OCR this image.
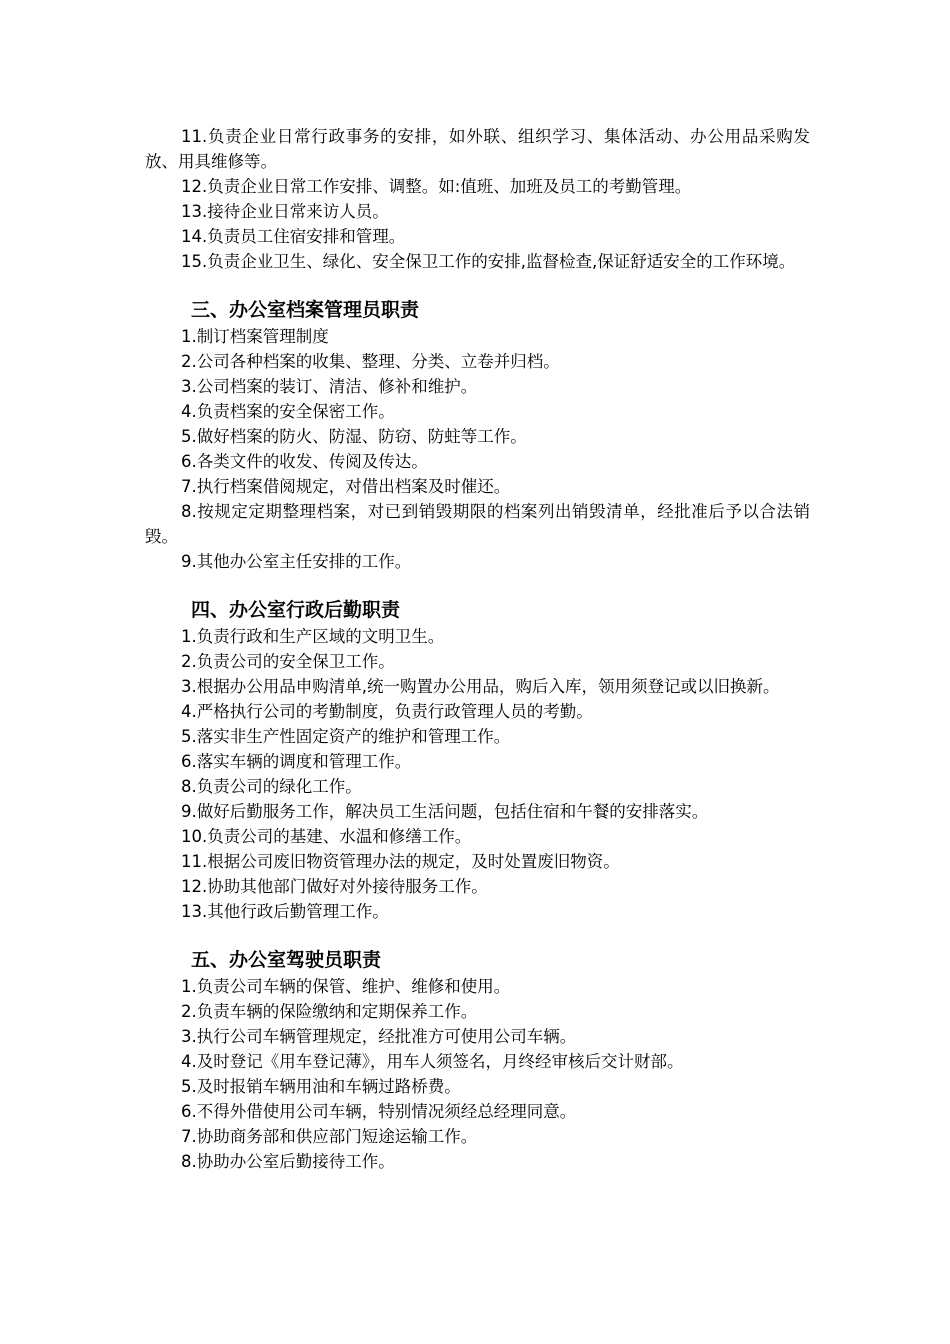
11.负责企业日常行政事务的安排，如外联、组织学习、集体活动、办公用品采购发放、用具维修等。

12.负责企业日常工作安排、调整。如:值班、加班及员工的考勤管理。

13.接待企业日常来访人员。

14.负责员工住宿安排和管理。

15.负责企业卫生、绿化、安全保卫工作的安排,监督检查,保证舒适安全的工作环境。

三、办公室档案管理员职责

1.制订档案管理制度

2.公司各种档案的收集、整理、分类、立卷并归档。

3.公司档案的装订、清洁、修补和维护。

4.负责档案的安全保密工作。

5.做好档案的防火、防湿、防窃、防蛀等工作。

6.各类文件的收发、传阅及传达。

7.执行档案借阅规定，对借出档案及时催还。

8.按规定定期整理档案，对已到销毁期限的档案列出销毁清单，经批准后予以合法销毁。

9.其他办公室主任安排的工作。

四、办公室行政后勤职责

1.负责行政和生产区域的文明卫生。

2.负责公司的安全保卫工作。

3.根据办公用品申购清单,统一购置办公用品，购后入库，领用须登记或以旧换新。

4.严格执行公司的考勤制度，负责行政管理人员的考勤。

5.落实非生产性固定资产的维护和管理工作。

6.落实车辆的调度和管理工作。

8.负责公司的绿化工作。

9.做好后勤服务工作，解决员工生活问题，包括住宿和午餐的安排落实。

10.负责公司的基建、水温和修缮工作。

11.根据公司废旧物资管理办法的规定，及时处置废旧物资。

12.协助其他部门做好对外接待服务工作。

13.其他行政后勤管理工作。

五、办公室驾驶员职责

1.负责公司车辆的保管、维护、维修和使用。

2.负责车辆的保险缴纳和定期保养工作。

3.执行公司车辆管理规定，经批准方可使用公司车辆。

4.及时登记《用车登记薄》，用车人须签名，月终经审核后交计财部。

5.及时报销车辆用油和车辆过路桥费。

6.不得外借使用公司车辆，特别情况须经总经理同意。

7.协助商务部和供应部门短途运输工作。

8.协助办公室后勤接待工作。
